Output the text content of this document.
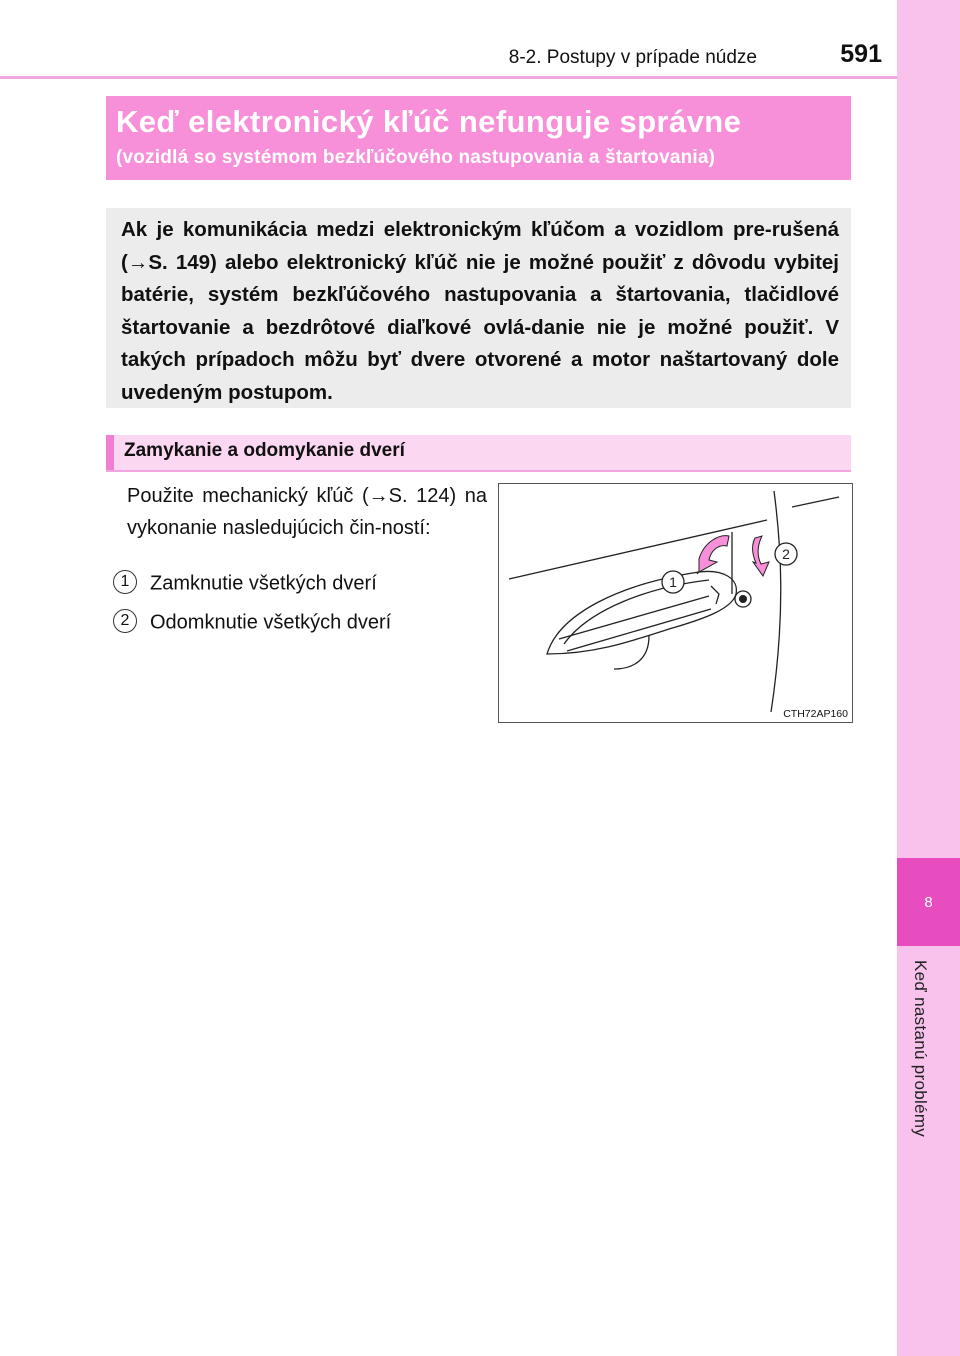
8-2. Postupy v prípade núdze	591
8
Keď nastanú problémy
Keď elektronický kľúč nefunguje správne
(vozidlá so systémom bezkľúčového nastupovania a štartovania)
Ak je komunikácia medzi elektronickým kľúčom a vozidlom pre-rušená (→S. 149) alebo elektronický kľúč nie je možné použiť z dôvodu vybitej batérie, systém bezkľúčového nastupovania a štartovania, tlačidlové štartovanie a bezdrôtové diaľkové ovlá-danie nie je možné použiť. V takých prípadoch môžu byť dvere otvorené a motor naštartovaný dole uvedeným postupom.
Zamykanie a odomykanie dverí
Použite mechanický kľúč (→S. 124) na vykonanie nasledujúcich čin-ností:
1 Zamknutie všetkých dverí
2 Odomknutie všetkých dverí
1
2
CTH72AP160
